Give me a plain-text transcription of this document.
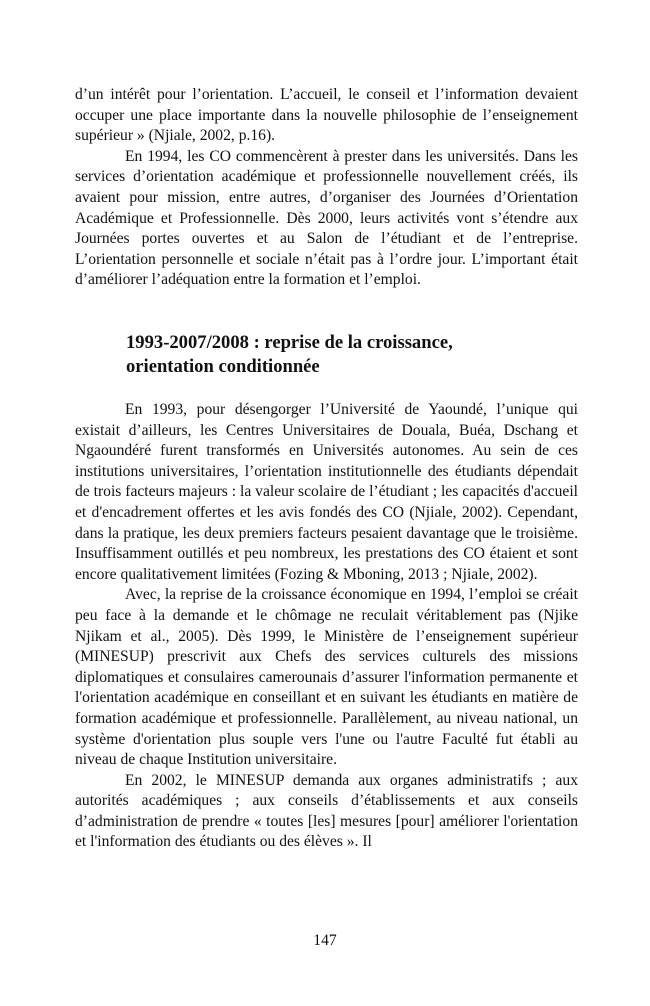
d’un intérêt pour l’orientation. L’accueil, le conseil et l’information devaient occuper une place importante dans la nouvelle philosophie de l’enseignement supérieur » (Njiale, 2002, p.16).

En 1994, les CO commencèrent à prester dans les universités. Dans les services d’orientation académique et professionnelle nouvellement créés, ils avaient pour mission, entre autres, d’organiser des Journées d’Orientation Académique et Professionnelle. Dès 2000, leurs activités vont s’étendre aux Journées portes ouvertes et au Salon de l’étudiant et de l’entreprise. L’orientation personnelle et sociale n’était pas à l’ordre jour. L’important était d’améliorer l’adéquation entre la formation et l’emploi.

1993-2007/2008 : reprise de la croissance,
orientation conditionnée

En 1993, pour désengorger l’Université de Yaoundé, l’unique qui existait d’ailleurs, les Centres Universitaires de Douala, Buéa, Dschang et Ngaoundéré furent transformés en Universités autonomes. Au sein de ces institutions universitaires, l’orientation institutionnelle des étudiants dépendait de trois facteurs majeurs : la valeur scolaire de l’étudiant ; les capacités d'accueil et d'encadrement offertes et les avis fondés des CO (Njiale, 2002). Cependant, dans la pratique, les deux premiers facteurs pesaient davantage que le troisième. Insuffisamment outillés et peu nombreux, les prestations des CO étaient et sont encore qualitativement limitées (Fozing & Mboning, 2013 ; Njiale, 2002).

Avec, la reprise de la croissance économique en 1994, l’emploi se créait peu face à la demande et le chômage ne reculait véritablement pas (Njike Njikam et al., 2005). Dès 1999, le Ministère de l’enseignement supérieur (MINESUP) prescrivit aux Chefs des services culturels des missions diplomatiques et consulaires camerounais d’assurer l'information permanente et l'orientation académique en conseillant et en suivant les étudiants en matière de formation académique et professionnelle. Parallèlement, au niveau national, un système d'orientation plus souple vers l'une ou l'autre Faculté fut établi au niveau de chaque Institution universitaire.

En 2002, le MINESUP demanda aux organes administratifs ; aux autorités académiques ; aux conseils d’établissements et aux conseils d’administration de prendre « toutes [les] mesures [pour] améliorer l'orientation et l'information des étudiants ou des élèves ». Il

147
